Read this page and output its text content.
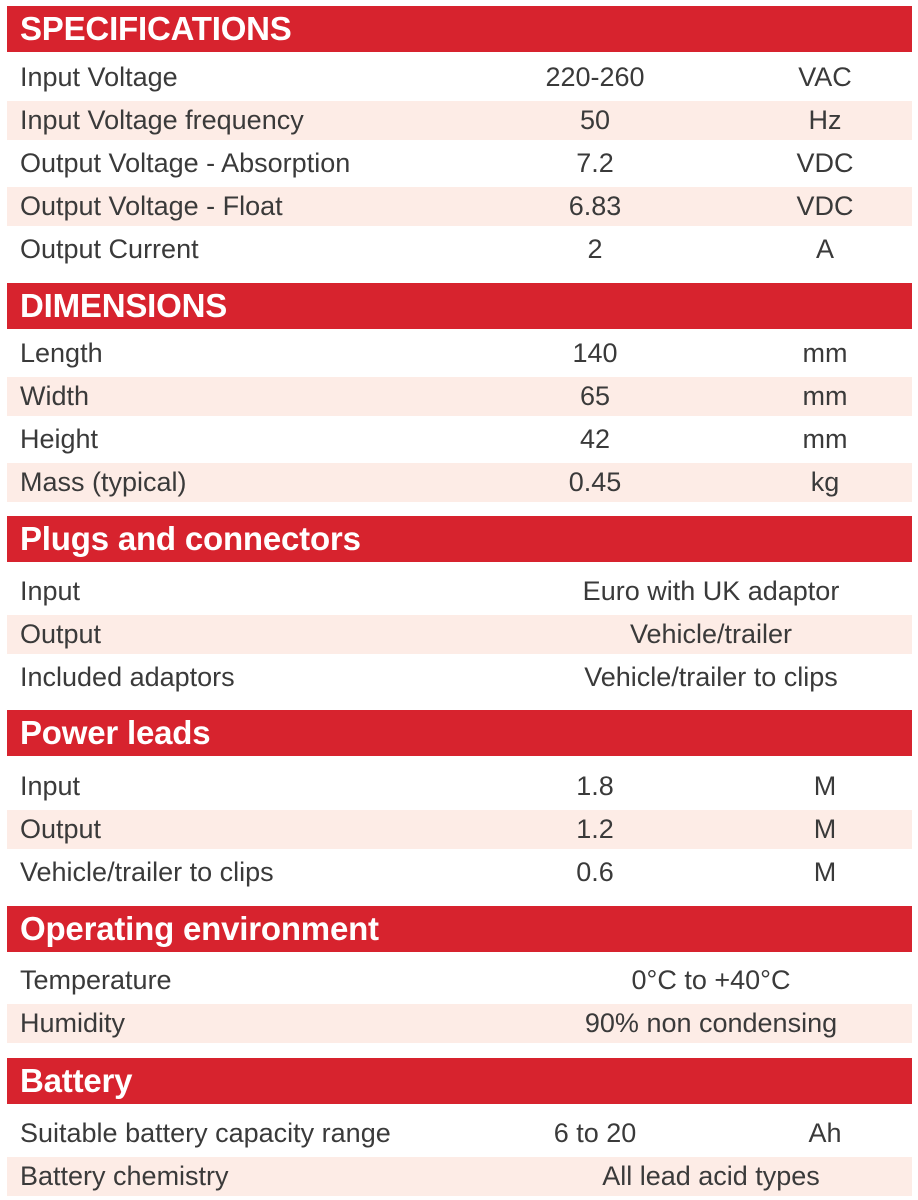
SPECIFICATIONS
Input Voltage	220-260	VAC
Input Voltage frequency	50	Hz
Output Voltage - Absorption	7.2	VDC
Output Voltage - Float	6.83	VDC
Output Current	2	A
DIMENSIONS
Length	140	mm
Width	65	mm
Height	42	mm
Mass (typical)	0.45	kg
Plugs and connectors
Input	Euro with UK adaptor
Output	Vehicle/trailer
Included adaptors	Vehicle/trailer to clips
Power leads
Input	1.8	M
Output	1.2	M
Vehicle/trailer to clips	0.6	M
Operating environment
Temperature	0°C to +40°C
Humidity	90% non condensing
Battery
Suitable battery capacity range	6 to 20	Ah
Battery chemistry	All lead acid types
